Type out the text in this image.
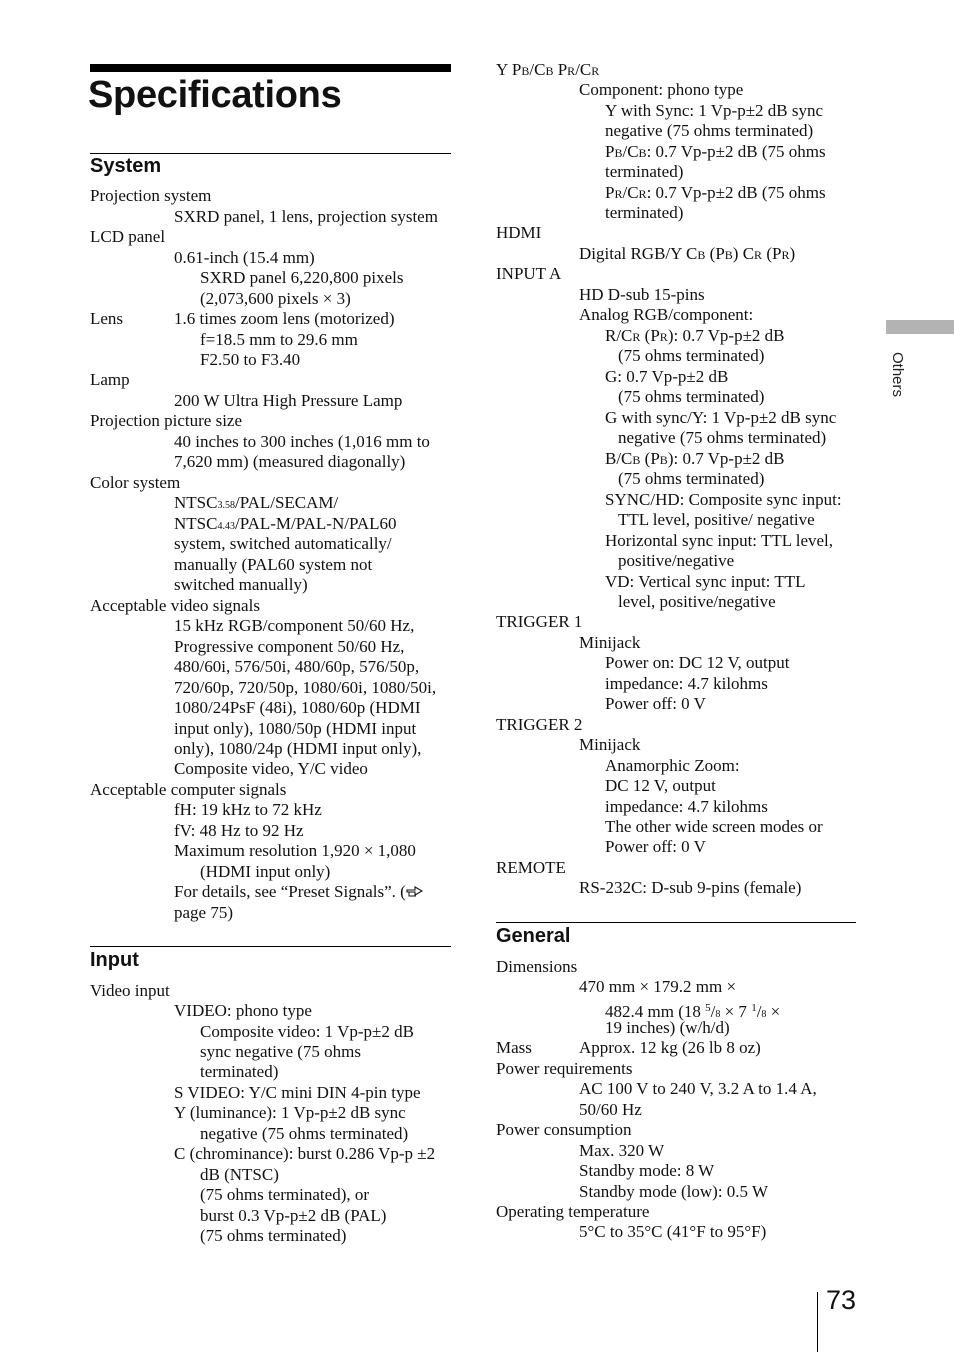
Specifications
System
Projection system
SXRD panel, 1 lens, projection system
LCD panel
0.61-inch (15.4 mm)
SXRD panel 6,220,800 pixels
(2,073,600 pixels × 3)
Lens	1.6 times zoom lens (motorized)
f=18.5 mm to 29.6 mm
F2.50 to F3.40
Lamp
200 W Ultra High Pressure Lamp
Projection picture size
40 inches to 300 inches (1,016 mm to
7,620 mm) (measured diagonally)
Color system
NTSC3.58/PAL/SECAM/
NTSC4.43/PAL-M/PAL-N/PAL60
system, switched automatically/
manually (PAL60 system not
switched manually)
Acceptable video signals
15 kHz RGB/component 50/60 Hz,
Progressive component 50/60 Hz,
480/60i, 576/50i, 480/60p, 576/50p,
720/60p, 720/50p, 1080/60i, 1080/50i,
1080/24PsF (48i), 1080/60p (HDMI
input only), 1080/50p (HDMI input
only), 1080/24p (HDMI input only),
Composite video, Y/C video
Acceptable computer signals
fH: 19 kHz to 72 kHz
fV: 48 Hz to 92 Hz
Maximum resolution 1,920 × 1,080
(HDMI input only)
For details, see “Preset Signals”. (
page 75)
Input
Video input
VIDEO: phono type
Composite video: 1 Vp-p±2 dB
sync negative (75 ohms
terminated)
S VIDEO: Y/C mini DIN 4-pin type
Y (luminance): 1 Vp-p±2 dB sync
negative (75 ohms terminated)
C (chrominance): burst 0.286 Vp-p ±2
dB (NTSC)
(75 ohms terminated), or
burst 0.3 Vp-p±2 dB (PAL)
(75 ohms terminated)
Y PB/CB PR/CR
Component: phono type
Y with Sync: 1 Vp-p±2 dB sync
negative (75 ohms terminated)
PB/CB: 0.7 Vp-p±2 dB (75 ohms
terminated)
PR/CR: 0.7 Vp-p±2 dB (75 ohms
terminated)
HDMI
Digital RGB/Y CB (PB) CR (PR)
INPUT A
HD D-sub 15-pins
Analog RGB/component:
R/CR (PR): 0.7 Vp-p±2 dB
(75 ohms terminated)
G: 0.7 Vp-p±2 dB
(75 ohms terminated)
G with sync/Y: 1 Vp-p±2 dB sync
negative (75 ohms terminated)
B/CB (PB): 0.7 Vp-p±2 dB
(75 ohms terminated)
SYNC/HD: Composite sync input:
TTL level, positive/ negative
Horizontal sync input: TTL level,
positive/negative
VD: Vertical sync input: TTL
level, positive/negative
TRIGGER 1
Minijack
Power on: DC 12 V, output
impedance: 4.7 kilohms
Power off: 0 V
TRIGGER 2
Minijack
Anamorphic Zoom:
DC 12 V, output
impedance: 4.7 kilohms
The other wide screen modes or
Power off: 0 V
REMOTE
RS-232C: D-sub 9-pins (female)
General
Dimensions
470 mm × 179.2 mm ×
482.4 mm (18 $^5$/8 × 7 $^1$/8 ×
19 inches) (w/h/d)
Mass	Approx. 12 kg (26 lb 8 oz)
Power requirements
AC 100 V to 240 V, 3.2 A to 1.4 A,
50/60 Hz
Power consumption
Max. 320 W
Standby mode: 8 W
Standby mode (low): 0.5 W
Operating temperature
5°C to 35°C (41°F to 95°F)
Others
73
